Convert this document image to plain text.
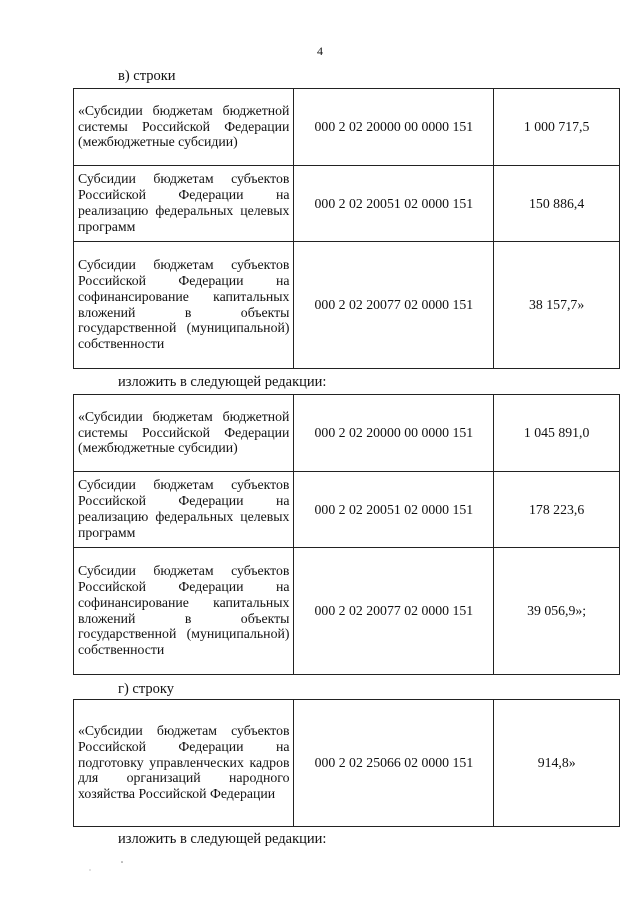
4
в) строки
«Субсидии бюджетам бюджетной системы Российской Федерации (межбюджетные субсидии)	000 2 02 20000 00 0000 151	1 000 717,5
Субсидии бюджетам субъектов Российской Федерации на реализацию федеральных целевых программ	000 2 02 20051 02 0000 151	150 886,4
Субсидии бюджетам субъектов Российской Федерации на софинансирование капитальных вложений в объекты государственной (муниципальной) собственности	000 2 02 20077 02 0000 151	38 157,7»
изложить в следующей редакции:
«Субсидии бюджетам бюджетной системы Российской Федерации (межбюджетные субсидии)	000 2 02 20000 00 0000 151	1 045 891,0
Субсидии бюджетам субъектов Российской Федерации на реализацию федеральных целевых программ	000 2 02 20051 02 0000 151	178 223,6
Субсидии бюджетам субъектов Российской Федерации на софинансирование капитальных вложений в объекты государственной (муниципальной) собственности	000 2 02 20077 02 0000 151	39 056,9»;
г) строку
«Субсидии бюджетам субъектов Российской Федерации на подготовку управленческих кадров для организаций народного хозяйства Российской Федерации	000 2 02 25066 02 0000 151	914,8»
изложить в следующей редакции:
